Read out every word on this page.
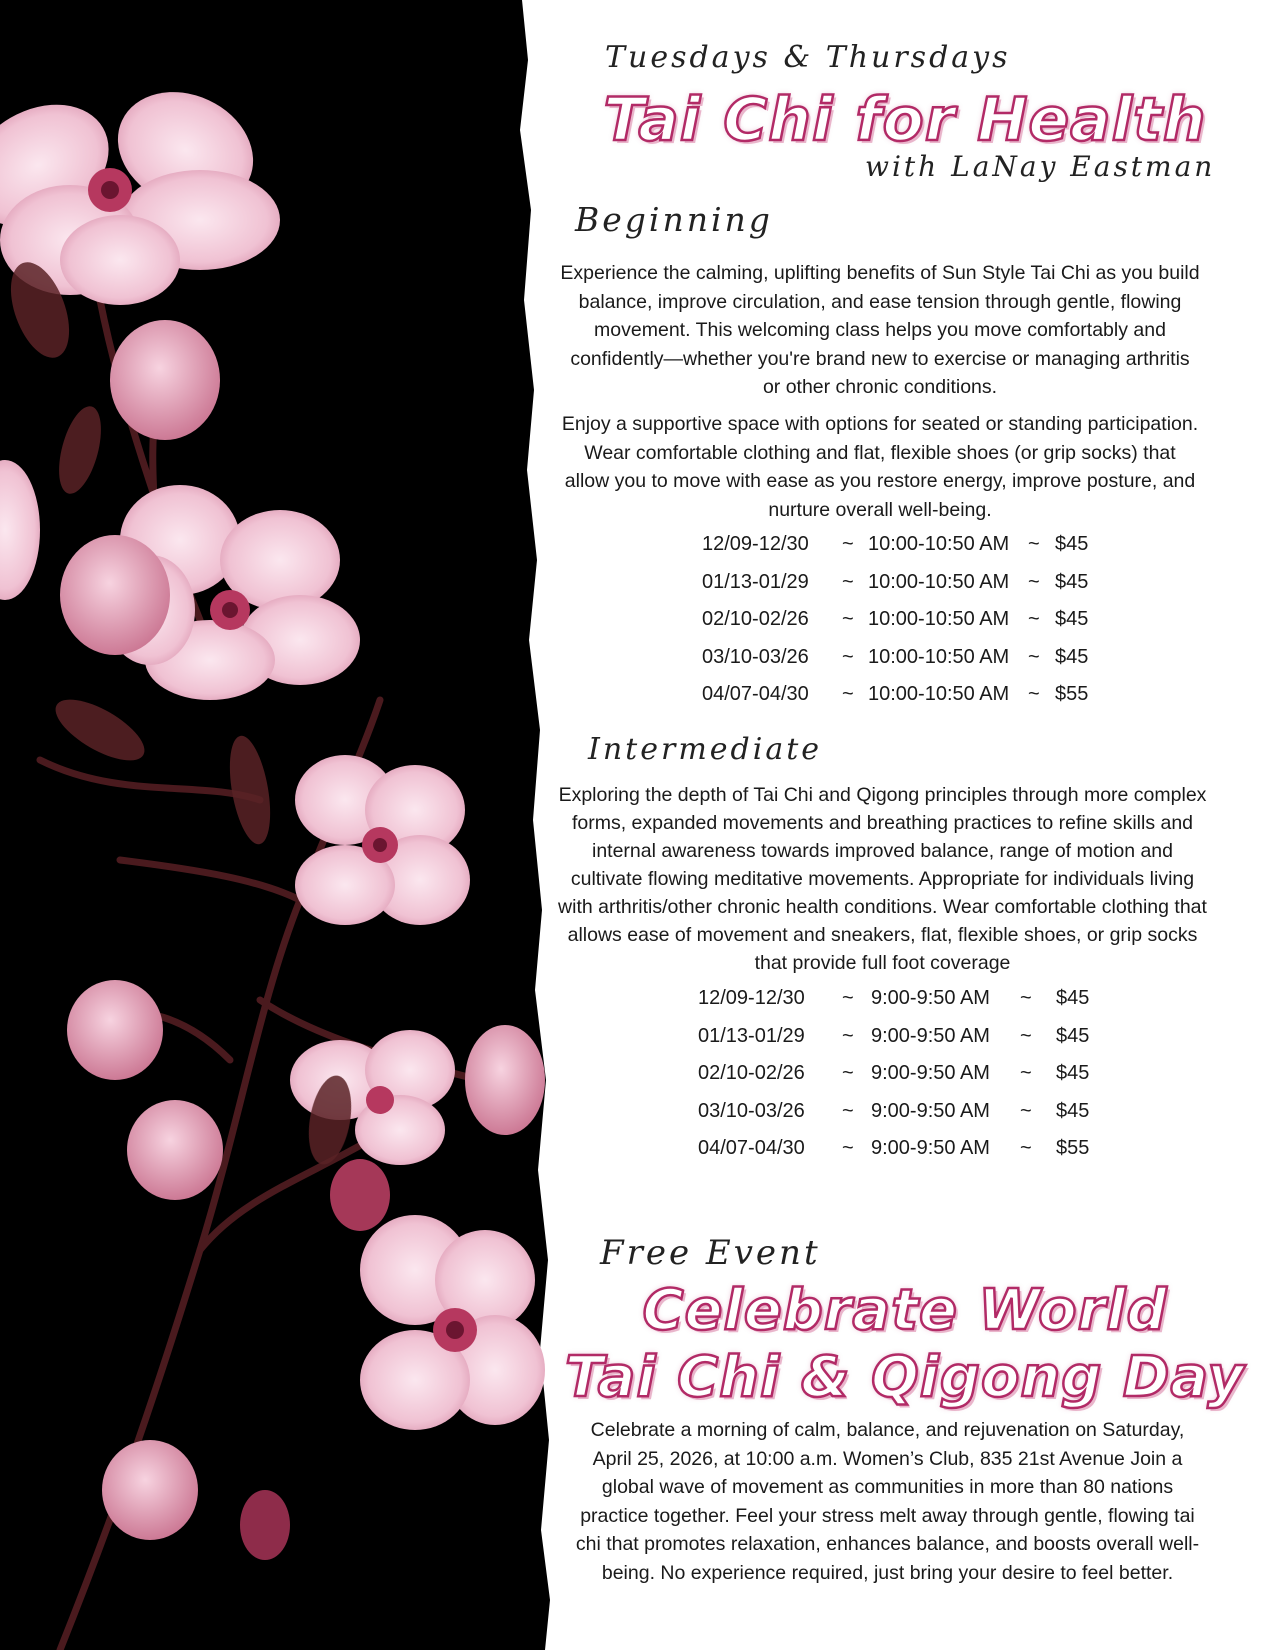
Tuesdays & Thursdays
Tai Chi for Health
with LaNay Eastman
Beginning

Experience the calming, uplifting benefits of Sun Style Tai Chi as you build balance, improve circulation, and ease tension through gentle, flowing movement. This welcoming class helps you move comfortably and confidently—whether you're brand new to exercise or managing arthritis or other chronic conditions.

Enjoy a supportive space with options for seated or standing participation. Wear comfortable clothing and flat, flexible shoes (or grip socks) that allow you to move with ease as you restore energy, improve posture, and nurture overall well-being.

12/09-12/30 ~ 10:00-10:50 AM ~ $45
01/13-01/29 ~ 10:00-10:50 AM ~ $45
02/10-02/26 ~ 10:00-10:50 AM ~ $45
03/10-03/26 ~ 10:00-10:50 AM ~ $45
04/07-04/30 ~ 10:00-10:50 AM ~ $55
Intermediate

Exploring the depth of Tai Chi and Qigong principles through more complex forms, expanded movements and breathing practices to refine skills and internal awareness towards improved balance, range of motion and cultivate flowing meditative movements. Appropriate for individuals living with arthritis/other chronic health conditions. Wear comfortable clothing that allows ease of movement and sneakers, flat, flexible shoes, or grip socks that provide full foot coverage

12/09-12/30 ~ 9:00-9:50 AM ~ $45
01/13-01/29 ~ 9:00-9:50 AM ~ $45
02/10-02/26 ~ 9:00-9:50 AM ~ $45
03/10-03/26 ~ 9:00-9:50 AM ~ $45
04/07-04/30 ~ 9:00-9:50 AM ~ $55
Free Event
Celebrate World
Tai Chi & Qigong Day

Celebrate a morning of calm, balance, and rejuvenation on Saturday, April 25, 2026, at 10:00 a.m. Women’s Club, 835 21st Avenue Join a global wave of movement as communities in more than 80 nations practice together. Feel your stress melt away through gentle, flowing tai chi that promotes relaxation, enhances balance, and boosts overall well-being. No experience required, just bring your desire to feel better.
